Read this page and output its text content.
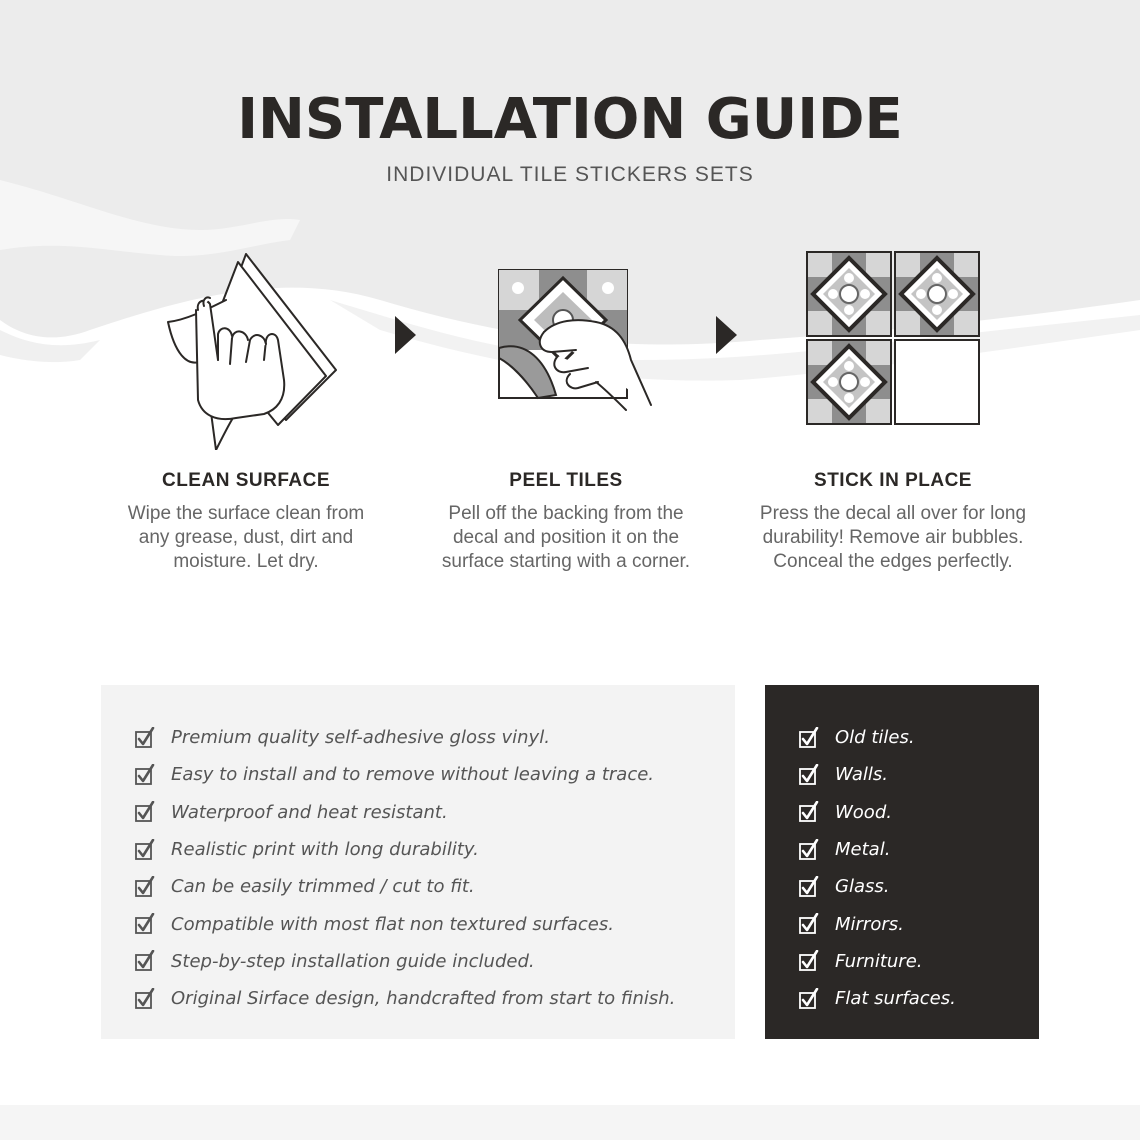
INSTALLATION GUIDE
INDIVIDUAL TILE STICKERS SETS
CLEAN SURFACE
Wipe the surface clean from
any grease, dust, dirt and
moisture. Let dry.
PEEL TILES
Pell off the backing from the
decal and position it on the
surface starting with a corner.
STICK IN PLACE
Press the decal all over for long
durability! Remove air bubbles.
Conceal the edges perfectly.
Premium quality self-adhesive gloss vinyl.
Easy to install and to remove without leaving a trace.
Waterproof and heat resistant.
Realistic print with long durability.
Can be easily trimmed / cut to fit.
Compatible with most flat non textured surfaces.
Step-by-step installation guide included.
Original Sirface design, handcrafted from start to finish.
Old tiles.
Walls.
Wood.
Metal.
Glass.
Mirrors.
Furniture.
Flat surfaces.
